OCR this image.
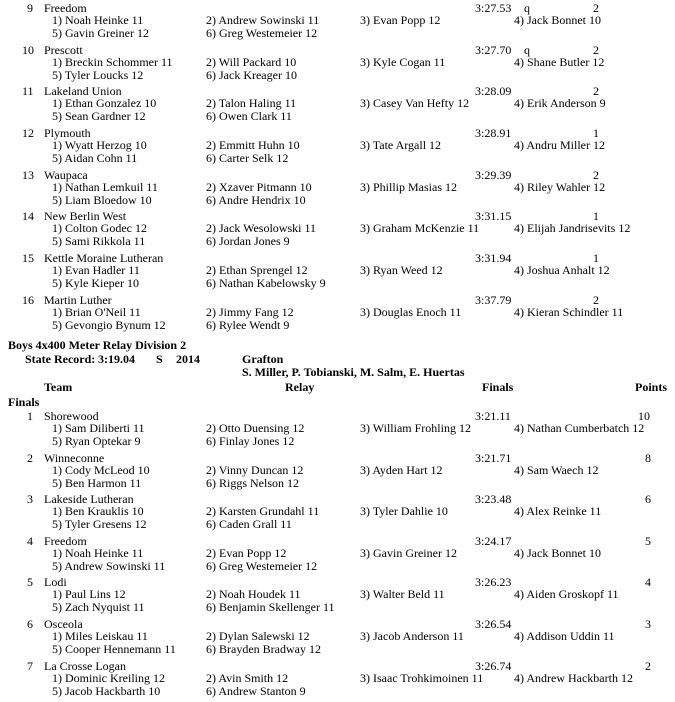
9 Freedom	3:27.53 q	2
1) Noah Heinke 11	2) Andrew Sowinski 11	3) Evan Popp 12	4) Jack Bonnet 10
5) Gavin Greiner 12	6) Greg Westemeier 12
10 Prescott	3:27.70 q	2
1) Breckin Schommer 11	2) Will Packard 10	3) Kyle Cogan 11	4) Shane Butler 12
5) Tyler Loucks 12	6) Jack Kreager 10
11 Lakeland Union	3:28.09	2
1) Ethan Gonzalez 10	2) Talon Haling 11	3) Casey Van Hefty 12	4) Erik Anderson 9
5) Sean Gardner 12	6) Owen Clark 11
12 Plymouth	3:28.91	1
1) Wyatt Herzog 10	2) Emmitt Huhn 10	3) Tate Argall 12	4) Andru Miller 12
5) Aidan Cohn 11	6) Carter Selk 12
13 Waupaca	3:29.39	2
1) Nathan Lemkuil 11	2) Xzaver Pitmann 10	3) Phillip Masias 12	4) Riley Wahler 12
5) Liam Bloedow 10	6) Andre Hendrix 10
14 New Berlin West	3:31.15	1
1) Colton Godec 12	2) Jack Wesolowski 11	3) Graham McKenzie 11	4) Elijah Jandrisevits 12
5) Sami Rikkola 11	6) Jordan Jones 9
15 Kettle Moraine Lutheran	3:31.94	1
1) Evan Hadler 11	2) Ethan Sprengel 12	3) Ryan Weed 12	4) Joshua Anhalt 12
5) Kyle Kieper 10	6) Nathan Kabelowsky 9
16 Martin Luther	3:37.79	2
1) Brian O'Neil 11	2) Jimmy Fang 12	3) Douglas Enoch 11	4) Kieran Schindler 11
5) Gevongio Bynum 12	6) Rylee Wendt 9
Boys 4x400 Meter Relay Division 2
State Record: 3:19.04 S 2014	Grafton
S. Miller, P. Tobianski, M. Salm, E. Huertas
Team	Relay	Finals	Points
Finals
1 Shorewood	3:21.11	10
1) Sam Diliberti 11	2) Otto Duensing 12	3) William Frohling 12	4) Nathan Cumberbatch 12
5) Ryan Optekar 9	6) Finlay Jones 12
2 Winneconne	3:21.71	8
1) Cody McLeod 10	2) Vinny Duncan 12	3) Ayden Hart 12	4) Sam Waech 12
5) Ben Harmon 11	6) Riggs Nelson 12
3 Lakeside Lutheran	3:23.48	6
1) Ben Krauklis 10	2) Karsten Grundahl 11	3) Tyler Dahlie 10	4) Alex Reinke 11
5) Tyler Gresens 12	6) Caden Grall 11
4 Freedom	3:24.17	5
1) Noah Heinke 11	2) Evan Popp 12	3) Gavin Greiner 12	4) Jack Bonnet 10
5) Andrew Sowinski 11	6) Greg Westemeier 12
5 Lodi	3:26.23	4
1) Paul Lins 12	2) Noah Houdek 11	3) Walter Beld 11	4) Aiden Groskopf 11
5) Zach Nyquist 11	6) Benjamin Skellenger 11
6 Osceola	3:26.54	3
1) Miles Leiskau 11	2) Dylan Salewski 12	3) Jacob Anderson 11	4) Addison Uddin 11
5) Cooper Hennemann 11	6) Brayden Bradway 12
7 La Crosse Logan	3:26.74	2
1) Dominic Kreiling 12	2) Avin Smith 12	3) Isaac Trohkimoinen 11	4) Andrew Hackbarth 12
5) Jacob Hackbarth 10	6) Andrew Stanton 9
